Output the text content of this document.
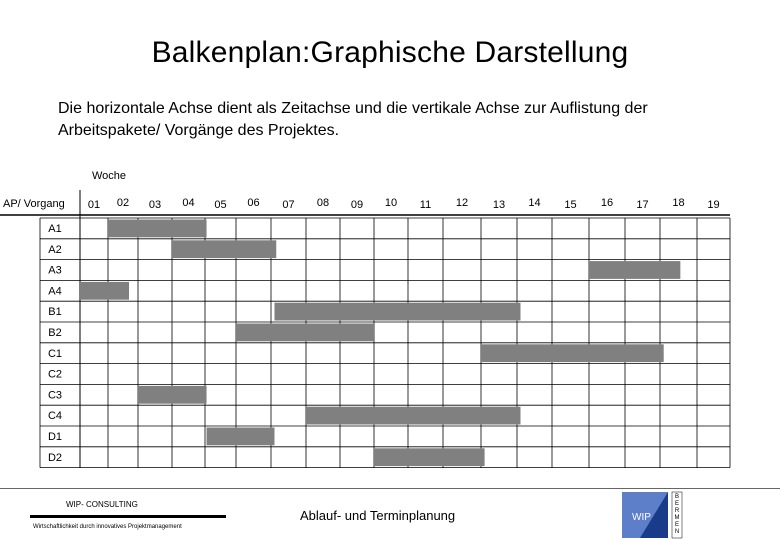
Balkenplan:Graphische Darstellung
Die horizontale Achse dient als Zeitachse und die vertikale Achse zur Auflistung der Arbeitspakete/ Vorgänge des Projektes.
Woche
AP/ Vorgang	01	02	03	04	05	06	07	08	09	10	11	12	13	14	15	16	17	18	19
A1
A2
A3
A4
B1
B2
C1
C2
C3
C4
D1
D2
WIP- CONSULTING
Wirtschaftlichkeit durch innovatives Projektmanagement
Ablauf- und Terminplanung	WIP
B E R M E N
